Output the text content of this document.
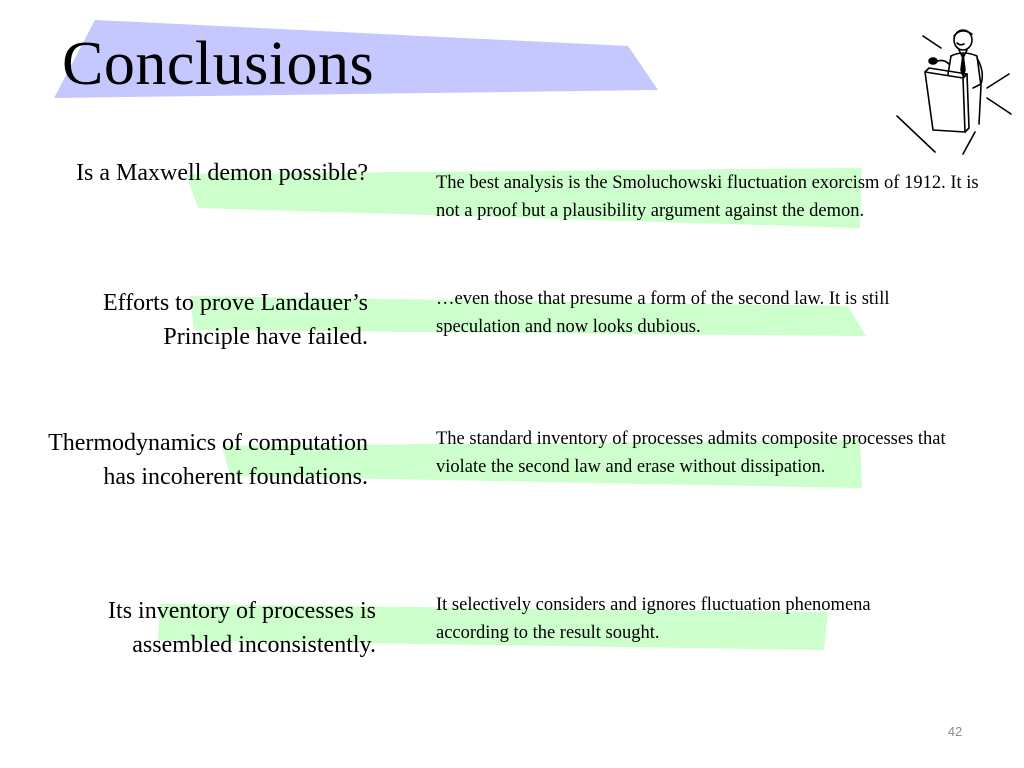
Conclusions
Is a Maxwell demon possible?	The best analysis is the Smoluchowski fluctuation exorcism of 1912. It is not a proof but a plausibility argument against the demon.
Efforts to prove Landauer’s Principle have failed.
…even those that presume a form of the second law. It is still speculation and now looks dubious.
Thermodynamics of computation has incoherent foundations.
The standard inventory of processes admits composite processes that violate the second law and erase without dissipation.
Its inventory of processes is assembled inconsistently.
It selectively considers and ignores fluctuation phenomena according to the result sought.
42
